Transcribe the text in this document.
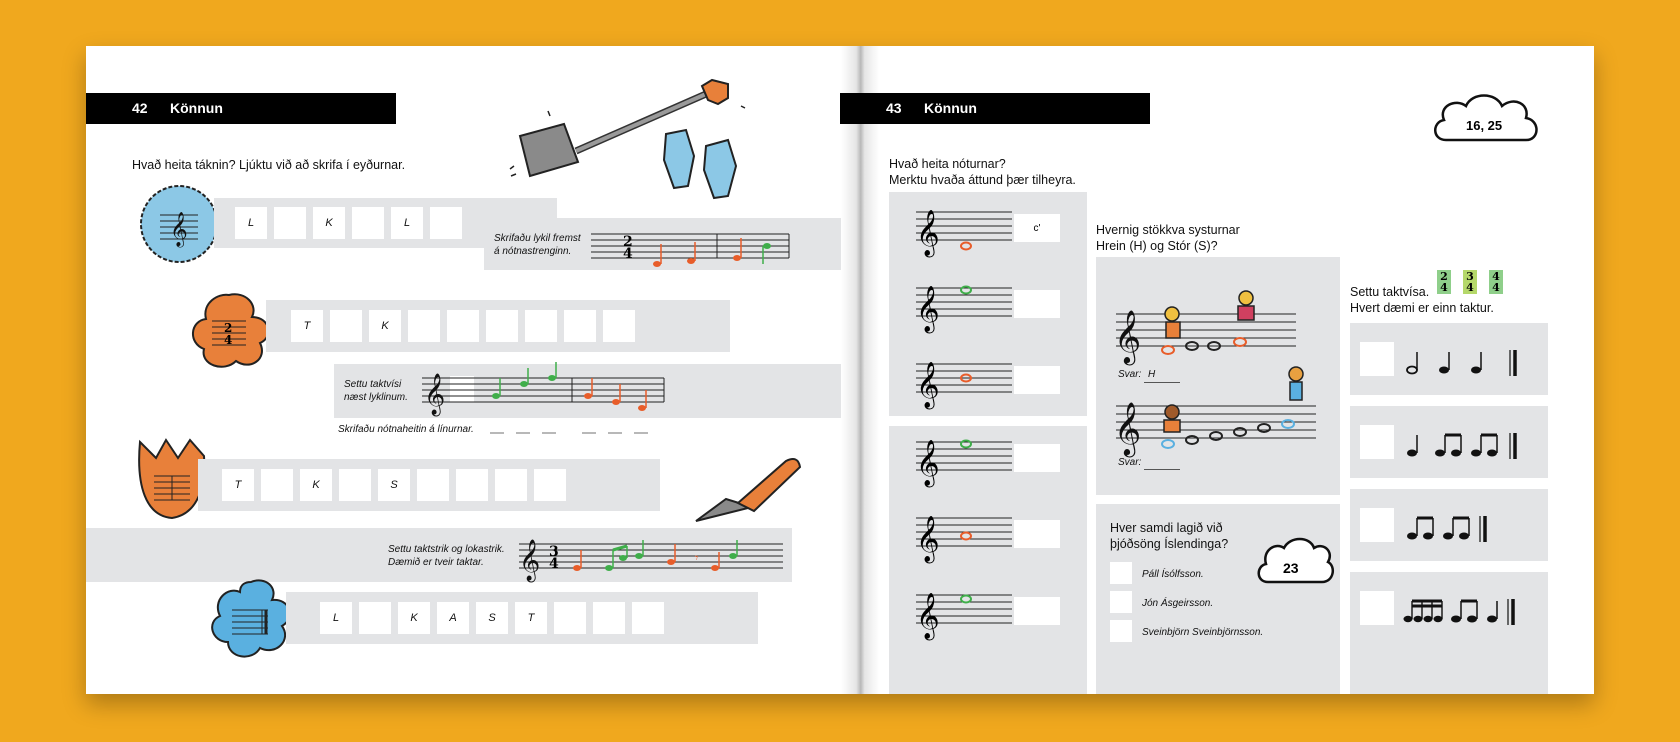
42 Könnun
Hvað heita táknin? Ljúktu við að skrifa í eyðurnar.
𝄞	L	K	L
Skrifaðu lykil fremst
á nótnastrenginn.
2
4
2
4
T	K
Settu taktvísi
næst lyklinum. 𝄞
Skrifaðu nótnaheitin á línurnar.
T	K	S
Settu taktstrik og lokastrik.
Dæmið er tveir taktar. 𝄞 3
4	𝄾
L	K	A	S	T
43 Könnun
16, 25
Hvað heita nóturnar?
Merktu hvaða áttund þær tilheyra.
𝄞
𝄞
𝄞
𝄞
𝄞
𝄞
c'	Hvernig stökkva systurnar
Hrein (H) og Stór (S)?
𝄞
𝄞
Svar: H
Svar:
Hver samdi lagið við
þjóðsöng Íslendinga?
23
Páll Ísólfsson.
Jón Ásgeirsson.
Sveinbjörn Sveinbjörnsson.
Settu taktvísa.
Hvert dæmi er einn taktur.
2
4
3
4
4
4
